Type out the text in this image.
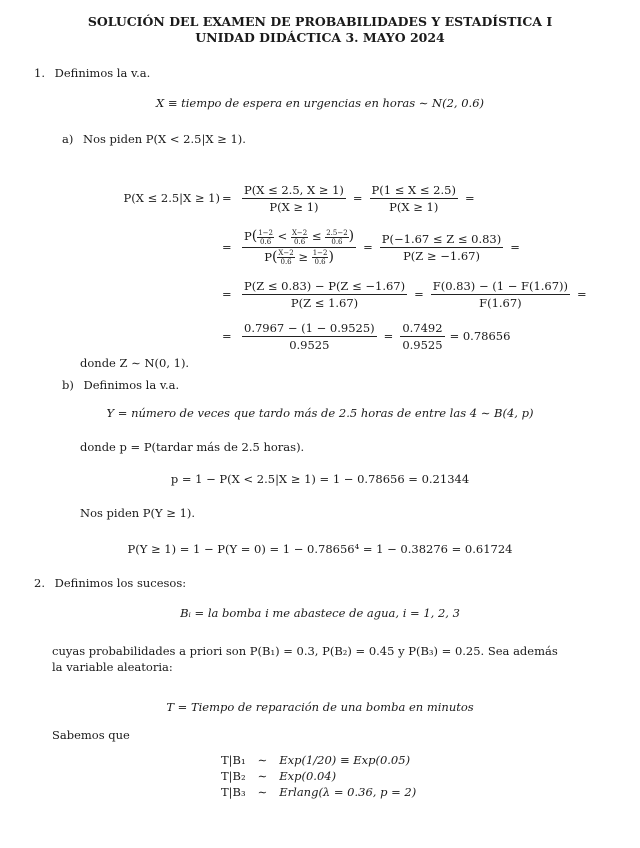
SOLUCIÓN DEL EXAMEN DE PROBABILIDADES Y ESTADÍSTICA I
UNIDAD DIDÁCTICA 3. MAYO 2024
1. Definimos la v.a.
X ≡ tiempo de espera en urgencias en horas ∼ N(2, 0.6)
a) Nos piden P(X < 2.5|X ≥ 1).
$P(X \le 2.5|X \ge 1) = \frac{P(X \le 2.5, X \ge 1)}{P(X \ge 1)} = \frac{P(1 \le X \le 2.5)}{P(X \ge 1)}$ =
= $\frac{P( \frac{1-2}{0.6} < \frac{X-2}{0.6} \le \frac{2.5-2}{0.6} )}{P( \frac{X-2}{0.6} \ge \frac{1-2}{0.6} )} = \frac{P(-1.67 \le Z \le 0.83)}{P(Z \ge -1.67)}$ =
= $\frac{P(Z \le 0.83) - P(Z \le -1.67)}{P(Z \le 1.67)} = \frac{F(0.83) - (1 - F(1.67))}{F(1.67)}$ =
= $\frac{0.7967 - (1 - 0.9525)}{0.9525} = \frac{0.7492}{0.9525} = 0.78656$
donde Z ∼ N(0, 1).
b) Definimos la v.a.
Y = número de veces que tardo más de 2.5 horas de entre las 4 ∼ B(4, p)
donde p = P(tardar más de 2.5 horas).
p = 1 − P(X < 2.5|X ≥ 1) = 1 − 0.78656 = 0.21344
Nos piden P(Y ≥ 1).
P(Y ≥ 1) = 1 − P(Y = 0) = 1 − 0.78656⁴ = 1 − 0.38276 = 0.61724
2. Definimos los sucesos:
Bᵢ = la bomba i me abastece de agua, i = 1, 2, 3
cuyas probabilidades a priori son P(B₁) = 0.3, P(B₂) = 0.45 y P(B₃) = 0.25. Sea además
la variable aleatoria:
T = Tiempo de reparación de una bomba en minutos
Sabemos que
T|B₁	∼	Exp(1/20) ≡ Exp(0.05)
T|B₂	∼	Exp(0.04)
T|B₃	∼	Erlang(λ = 0.36, p = 2)
